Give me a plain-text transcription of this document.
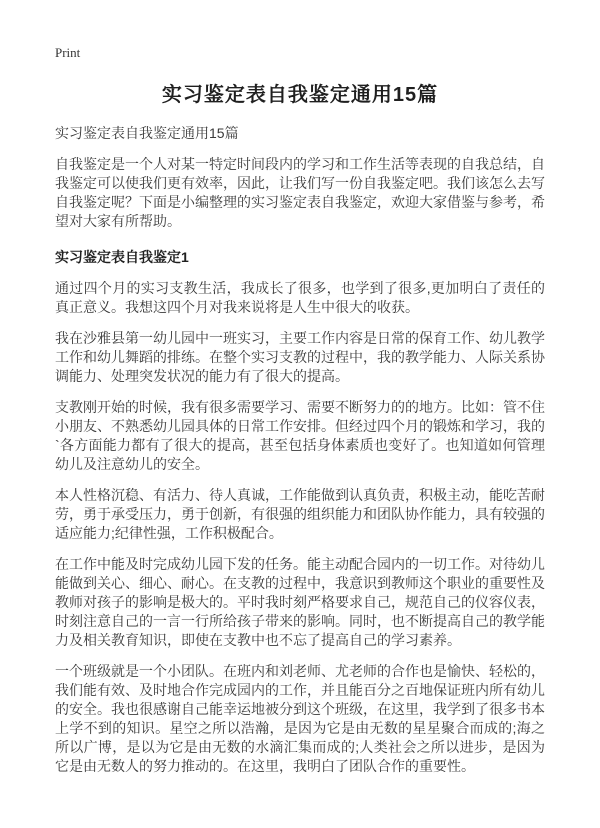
Print
实习鉴定表自我鉴定通用15篇
实习鉴定表自我鉴定通用15篇

自我鉴定是一个人对某一特定时间段内的学习和工作生活等表现的自我总结，自我鉴定可以使我们更有效率，因此，让我们写一份自我鉴定吧。我们该怎么去写自我鉴定呢？下面是小编整理的实习鉴定表自我鉴定，欢迎大家借鉴与参考，希望对大家有所帮助。

实习鉴定表自我鉴定1

通过四个月的实习支教生活，我成长了很多，也学到了很多,更加明白了责任的真正意义。我想这四个月对我来说将是人生中很大的收获。

我在沙雅县第一幼儿园中一班实习，主要工作内容是日常的保育工作、幼儿教学工作和幼儿舞蹈的排练。在整个实习支教的过程中，我的教学能力、人际关系协调能力、处理突发状况的能力有了很大的提高。

支教刚开始的时候，我有很多需要学习、需要不断努力的的地方。比如：管不住小朋友、不熟悉幼儿园具体的日常工作安排。但经过四个月的锻炼和学习，我的`各方面能力都有了很大的提高，甚至包括身体素质也变好了。也知道如何管理幼儿及注意幼儿的安全。

本人性格沉稳、有活力、待人真诚，工作能做到认真负责，积极主动，能吃苦耐劳，勇于承受压力，勇于创新，有很强的组织能力和团队协作能力，具有较强的适应能力;纪律性强，工作积极配合。

在工作中能及时完成幼儿园下发的任务。能主动配合园内的一切工作。对待幼儿能做到关心、细心、耐心。在支教的过程中，我意识到教师这个职业的重要性及教师对孩子的影响是极大的。平时我时刻严格要求自己，规范自己的仪容仪表，时刻注意自己的一言一行所给孩子带来的影响。同时，也不断提高自己的教学能力及相关教育知识，即使在支教中也不忘了提高自己的学习素养。

一个班级就是一个小团队。在班内和刘老师、尤老师的合作也是愉快、轻松的，我们能有效、及时地合作完成园内的工作，并且能百分之百地保证班内所有幼儿的安全。我也很感谢自己能幸运地被分到这个班级，在这里，我学到了很多书本上学不到的知识。星空之所以浩瀚，是因为它是由无数的星星聚合而成的;海之所以广博，是以为它是由无数的水滴汇集而成的;人类社会之所以进步，是因为它是由无数人的努力推动的。在这里，我明白了团队合作的重要性。
